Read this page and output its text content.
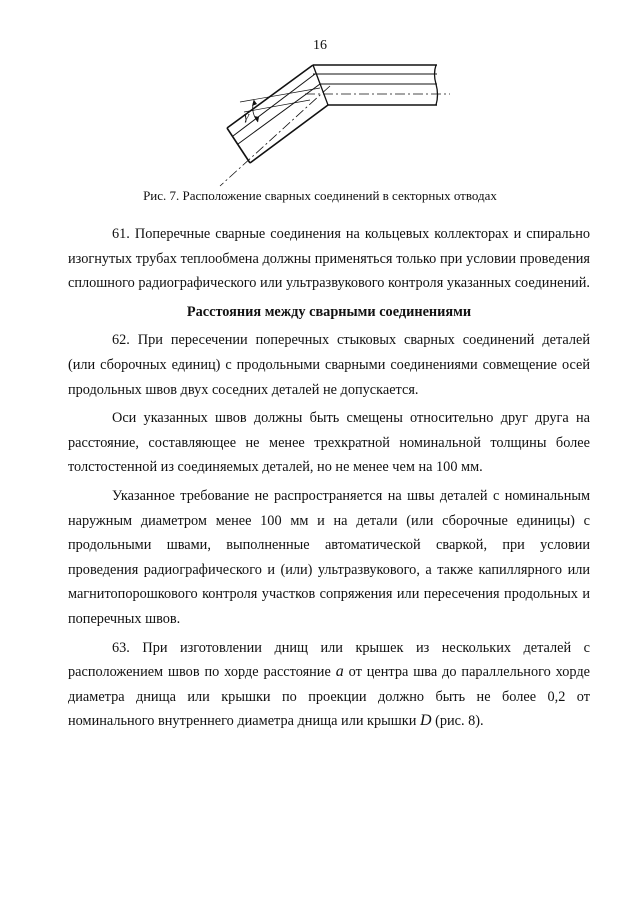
16
γ
Рис. 7. Расположение сварных соединений в секторных отводах

61. Поперечные сварные соединения на кольцевых коллекторах и спирально изогнутых трубах теплообмена должны применяться только при условии проведения сплошного радиографического или ультразвукового контроля указанных соединений.

Расстояния между сварными соединениями

62. При пересечении поперечных стыковых сварных соединений деталей (или сборочных единиц) с продольными сварными соединениями совмещение осей продольных швов двух соседних деталей не допускается.

Оси указанных швов должны быть смещены относительно друг друга на расстояние, составляющее не менее трехкратной номинальной толщины более толстостенной из соединяемых деталей, но не менее чем на 100 мм.

Указанное требование не распространяется на швы деталей с номинальным наружным диаметром менее 100 мм и на детали (или сборочные единицы) с продольными швами, выполненные автоматической сваркой, при условии проведения радиографического и (или) ультразвукового, а также капиллярного или магнитопорошкового контроля участков сопряжения или пересечения продольных и поперечных швов.

63. При изготовлении днищ или крышек из нескольких деталей с расположением швов по хорде расстояние a от центра шва до параллельного хорде диаметра днища или крышки по проекции должно быть не более 0,2 от номинального внутреннего диаметра днища или крышки D (рис. 8).
